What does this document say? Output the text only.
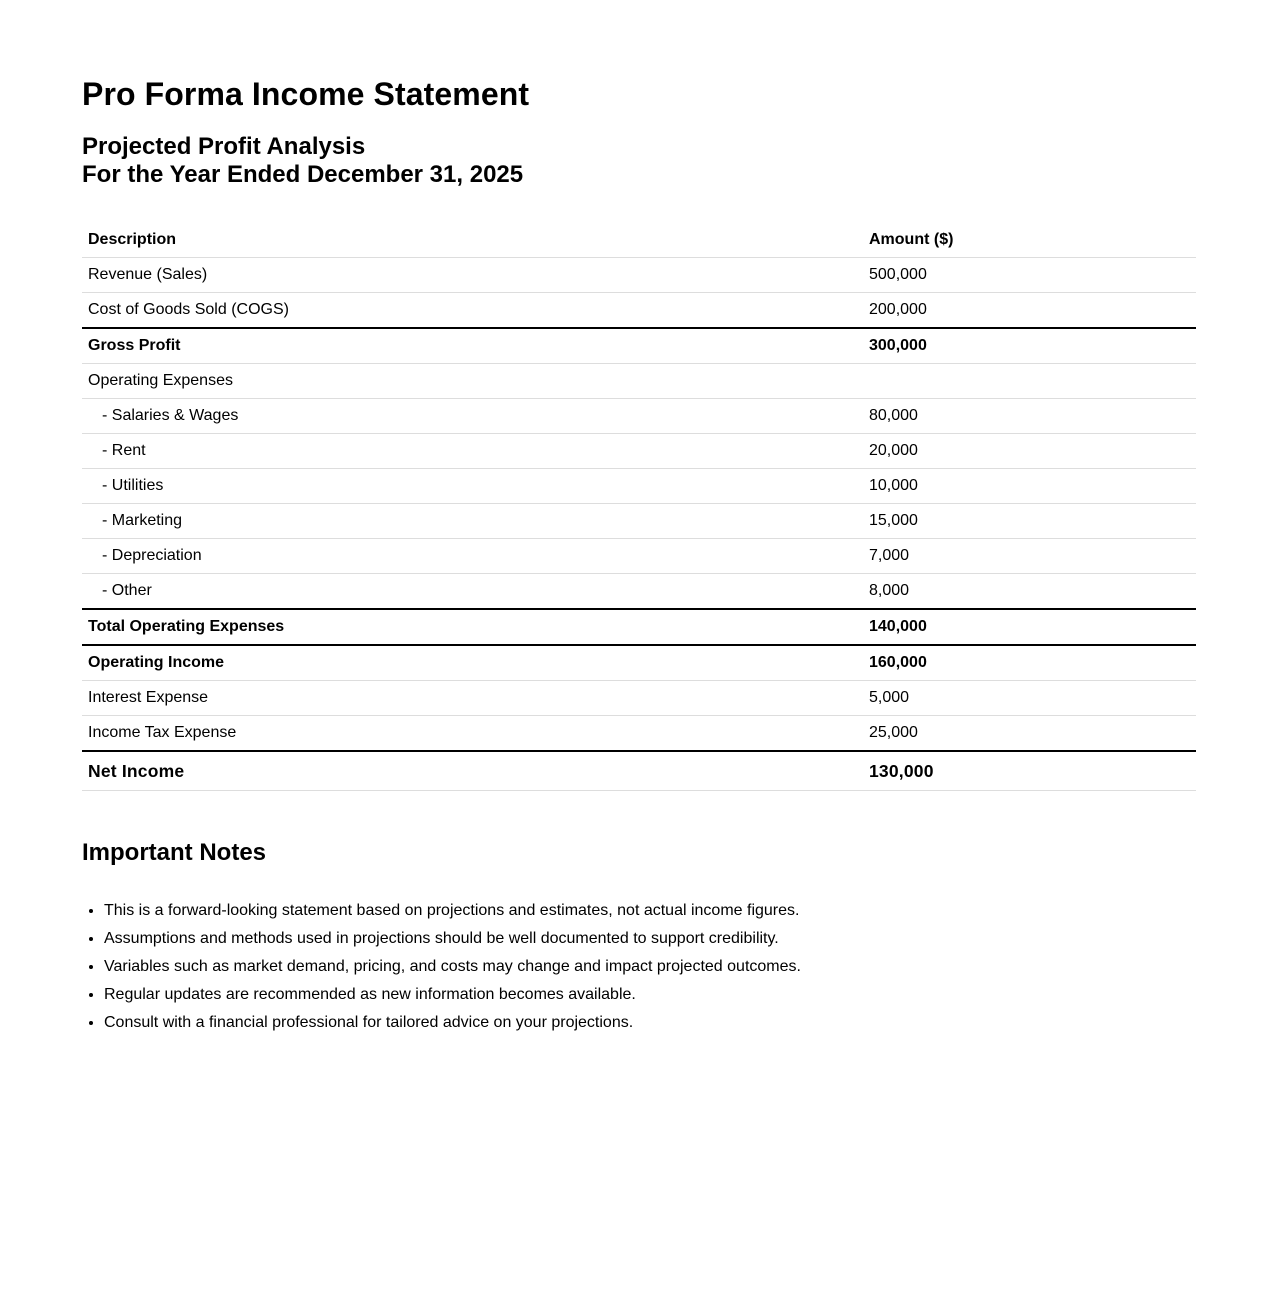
Pro Forma Income Statement
Projected Profit Analysis
For the Year Ended December 31, 2025
Description	Amount ($)
Revenue (Sales)	500,000
Cost of Goods Sold (COGS)	200,000
Gross Profit	300,000
Operating Expenses	
- Salaries & Wages	80,000
- Rent	20,000
- Utilities	10,000
- Marketing	15,000
- Depreciation	7,000
- Other	8,000
Total Operating Expenses	140,000
Operating Income	160,000
Interest Expense	5,000
Income Tax Expense	25,000
Net Income	130,000
Important Notes
• This is a forward-looking statement based on projections and estimates, not actual income figures.
• Assumptions and methods used in projections should be well documented to support credibility.
• Variables such as market demand, pricing, and costs may change and impact projected outcomes.
• Regular updates are recommended as new information becomes available.
• Consult with a financial professional for tailored advice on your projections.
